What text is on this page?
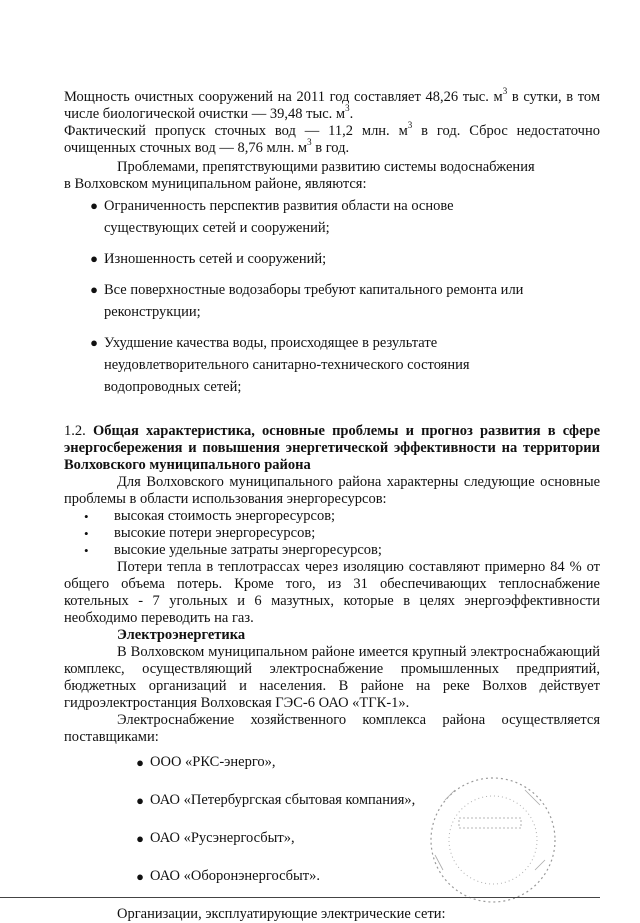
Мощность очистных сооружений на 2011 год составляет 48,26 тыс. $м^3$ в сутки, в том числе биологической очистки — 39,48 тыс. $м^3$.

Фактический пропуск сточных вод — 11,2 млн. $м^3$ в год. Сброс недостаточно очищенных сточных вод — 8,76 млн. $м^3$ в год.

Проблемами, препятствующими развитию системы водоснабжения в Волховском муниципальном районе, являются:

● Ограниченность перспектив развития области на основе существующих сетей и сооружений;
● Изношенность сетей и сооружений;
● Все поверхностные водозаборы требуют капитального ремонта или реконструкции;
● Ухудшение качества воды, происходящее в результате неудовлетворительного санитарно-технического состояния водопроводных сетей;

1.2. Общая характеристика, основные проблемы и прогноз развития в сфере энергосбережения и повышения энергетической эффективности на территории Волховского муниципального района

Для Волховского муниципального района характерны следующие основные проблемы в области использования энергоресурсов:

• высокая стоимость энергоресурсов;
• высокие потери энергоресурсов;
• высокие удельные затраты энергоресурсов;

Потери тепла в теплотрассах через изоляцию составляют примерно 84 % от общего объема потерь. Кроме того, из 31 обеспечивающих теплоснабжение котельных - 7 угольных и 6 мазутных, которые в целях энергоэффективности необходимо переводить на газ.

Электроэнергетика

В Волховском муниципальном районе имеется крупный электроснабжающий комплекс, осуществляющий электроснабжение промышленных предприятий, бюджетных организаций и населения. В районе на реке Волхов действует гидроэлектростанция Волховская ГЭС-6 ОАО «ТГК-1».

Электроснабжение хозяйственного комплекса района осуществляется поставщиками:

● ООО «РКС-энерго»,
● ОАО «Петербургская сбытовая компания»,
● ОАО «Русэнергосбыт»,
● ОАО «Оборонэнергосбыт».

Организации, эксплуатирующие электрические сети:
